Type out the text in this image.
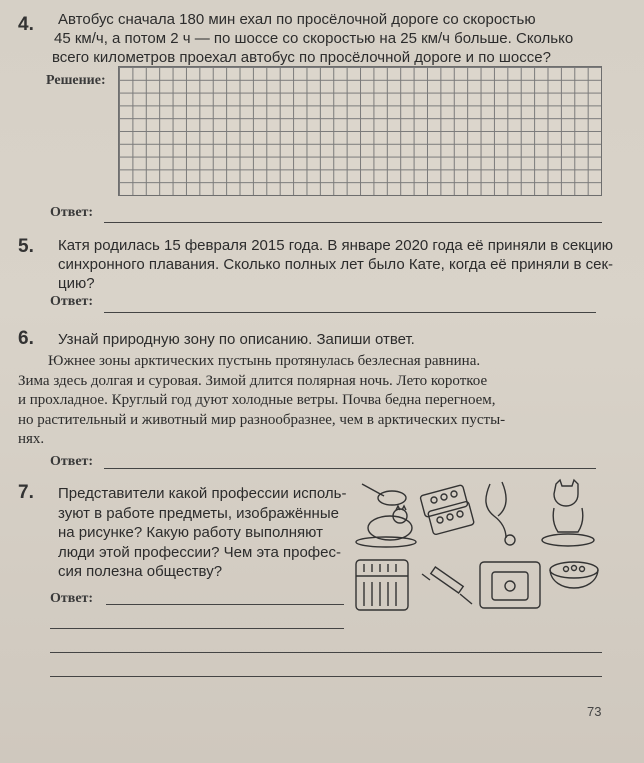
4. Автобус сначала 180 мин ехал по просёлочной дороге со скоростью
45 км/ч, а потом 2 ч — по шоссе со скоростью на 25 км/ч больше. Сколько
всего километров проехал автобус по просёлочной дороге и по шоссе?
Решение:
Ответ:
5. Катя родилась 15 февраля 2015 года. В январе 2020 года её приняли в секцию
синхронного плавания. Сколько полных лет было Кате, когда её приняли в сек-
цию?
Ответ:
6. Узнай природную зону по описанию. Запиши ответ.
Южнее зоны арктических пустынь протянулась безлесная равнина.
Зима здесь долгая и суровая. Зимой длится полярная ночь. Лето короткое
и прохладное. Круглый год дуют холодные ветры. Почва бедна перегноем,
но растительный и животный мир разнообразнее, чем в арктических пусты-
нях.
Ответ:
7. Представители какой профессии исполь-
зуют в работе предметы, изображённые
на рисунке? Какую работу выполняют
люди этой профессии? Чем эта профес-
сия полезна обществу?
Ответ:
73
